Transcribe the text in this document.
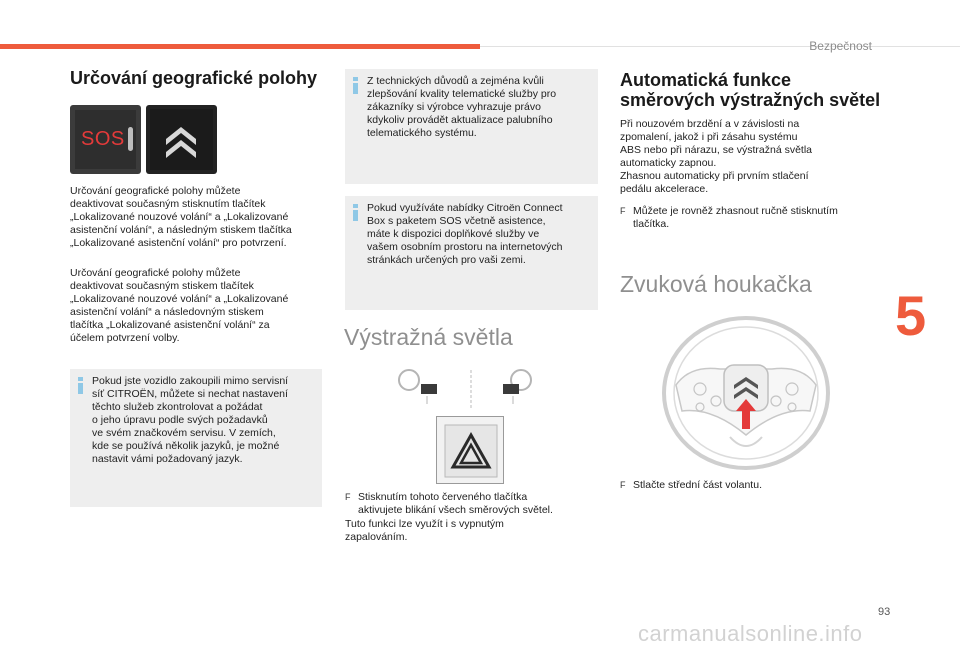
Bezpečnost
5
Určování geografické polohy
SOS
Určování geografické polohy můžete
deaktivovat současným stisknutím tlačítek
„Lokalizované nouzové volání“ a „Lokalizované
asistenční volání“, a následným stiskem tlačítka
„Lokalizované asistenční volání“ pro potvrzení.
Určování geografické polohy můžete
deaktivovat současným stiskem tlačítek
„Lokalizované nouzové volání“ a „Lokalizované
asistenční volání“ a následovným stiskem
tlačítka „Lokalizované asistenční volání“ za
účelem potvrzení volby.
Pokud jste vozidlo zakoupili mimo servisní
síť CITROËN, můžete si nechat nastavení
těchto služeb zkontrolovat a požádat
o jeho úpravu podle svých požadavků
ve svém značkovém servisu. V zemích,
kde se používá několik jazyků, je možné
nastavit vámi požadovaný jazyk.
Z technických důvodů a zejména kvůli
zlepšování kvality telematické služby pro
zákazníky si výrobce vyhrazuje právo
kdykoliv provádět aktualizace palubního
telematického systému.
Pokud využíváte nabídky Citroën Connect
Box s paketem SOS včetně asistence,
máte k dispozici doplňkové služby ve
vašem osobním prostoru na internetových
stránkách určených pro vaši zemi.
Výstražná světla
F Stisknutím tohoto červeného tlačítka
aktivujete blikání všech směrových světel.
Tuto funkci lze využít i s vypnutým
zapalováním.
Automatická funkce
směrových výstražných světel
Při nouzovém brzdění a v závislosti na
zpomalení, jakož i při zásahu systému
ABS nebo při nárazu, se výstražná světla
automaticky zapnou.
Zhasnou automaticky při prvním stlačení
pedálu akcelerace.
F Můžete je rovněž zhasnout ručně stisknutím
tlačítka.
Zvuková houkačka
F Stlačte střední část volantu.
93
carmanualsonline.info
